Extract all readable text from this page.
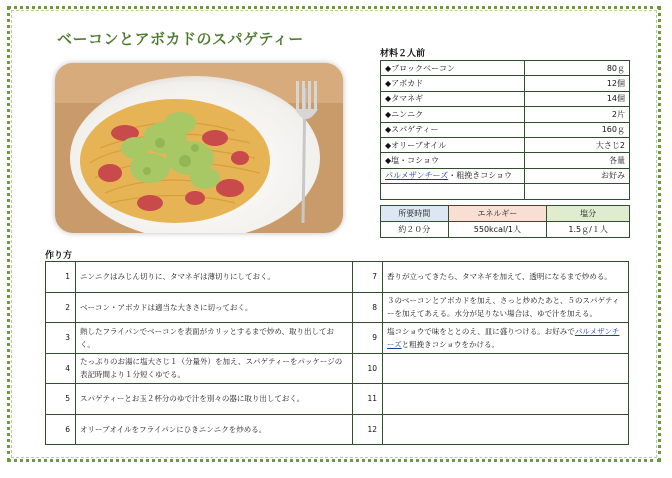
ベーコンとアボカドのスパゲティー
材料２人前
◆ブロックベーコン	80ｇ
◆アボカド	12個
◆タマネギ	14個
◆ニンニク	2片
◆スパゲティー	160ｇ
◆オリーブオイル	大さじ2
◆塩・コショウ	各量
パルメザンチーズ・粗挽きコショウ	お好み

所要時間	エネルギー	塩分
約２０分	550kcal/1人	1.5ｇ/１人
作り方
1	ニンニクはみじん切りに、タマネギは薄切りにしておく。	7	香りが立ってきたら、タマネギを加えて、透明になるまで炒める。
2	ベーコン・アボカドは適当な大きさに切っておく。	8	３のベーコンとアボカドを加え、さっと炒めたあと、５のスパゲティーを加えてあえる。水分が足りない場合は、ゆで汁を加える。
3	熱したフライパンでベーコンを表面がカリッとするまで炒め、取り出しておく。	9	塩コショウで味をととのえ、皿に盛りつける。お好みでパルメザンチーズと粗挽きコショウをかける。
4	たっぷりのお湯に塩大さじ１（分量外）を加え、スパゲティーをパッケージの表記時間より１分短くゆでる。	10	
5	スパゲティーとお玉２杯分のゆで汁を別々の器に取り出しておく。	11	
6	オリーブオイルをフライパンにひきニンニクを炒める。	12	
